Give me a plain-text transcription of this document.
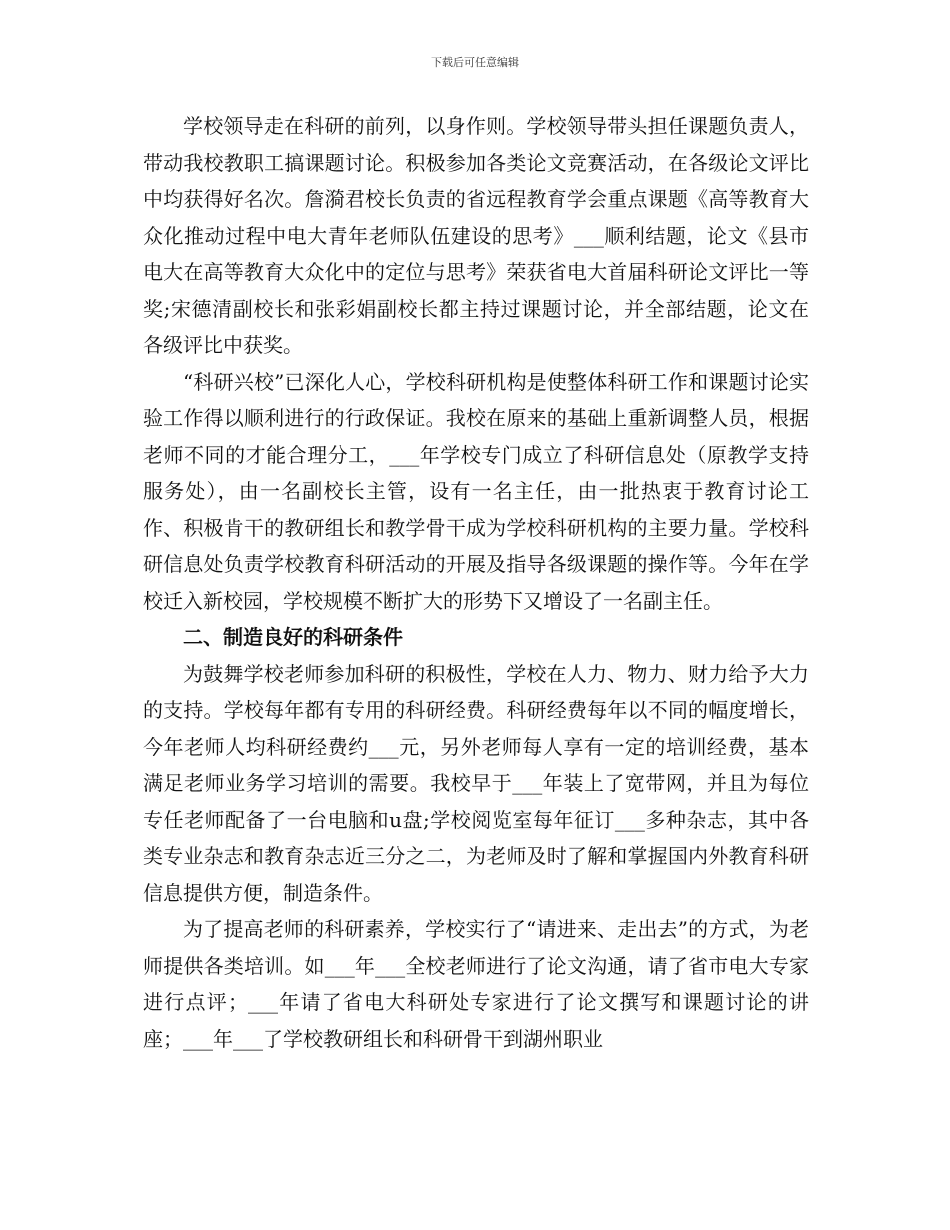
下载后可任意编辑

学校领导走在科研的前列，以身作则。学校领导带头担任课题负责人，带动我校教职工搞课题讨论。积极参加各类论文竞赛活动，在各级论文评比中均获得好名次。詹漪君校长负责的省远程教育学会重点课题《高等教育大众化推动过程中电大青年老师队伍建设的思考》___顺利结题，论文《县市电大在高等教育大众化中的定位与思考》荣获省电大首届科研论文评比一等奖;宋德清副校长和张彩娟副校长都主持过课题讨论，并全部结题，论文在各级评比中获奖。

“科研兴校”已深化人心，学校科研机构是使整体科研工作和课题讨论实验工作得以顺利进行的行政保证。我校在原来的基础上重新调整人员，根据老师不同的才能合理分工，___年学校专门成立了科研信息处（原教学支持服务处），由一名副校长主管，设有一名主任，由一批热衷于教育讨论工作、积极肯干的教研组长和教学骨干成为学校科研机构的主要力量。学校科研信息处负责学校教育科研活动的开展及指导各级课题的操作等。今年在学校迁入新校园，学校规模不断扩大的形势下又增设了一名副主任。

二、制造良好的科研条件

为鼓舞学校老师参加科研的积极性，学校在人力、物力、财力给予大力的支持。学校每年都有专用的科研经费。科研经费每年以不同的幅度增长，今年老师人均科研经费约___元，另外老师每人享有一定的培训经费，基本满足老师业务学习培训的需要。我校早于___年装上了宽带网，并且为每位专任老师配备了一台电脑和u盘;学校阅览室每年征订___多种杂志，其中各类专业杂志和教育杂志近三分之二，为老师及时了解和掌握国内外教育科研信息提供方便，制造条件。

为了提高老师的科研素养，学校实行了“请进来、走出去”的方式，为老师提供各类培训。如___年___全校老师进行了论文沟通，请了省市电大专家进行点评；___年请了省电大科研处专家进行了论文撰写和课题讨论的讲座；___年___了学校教研组长和科研骨干到湖州职业
